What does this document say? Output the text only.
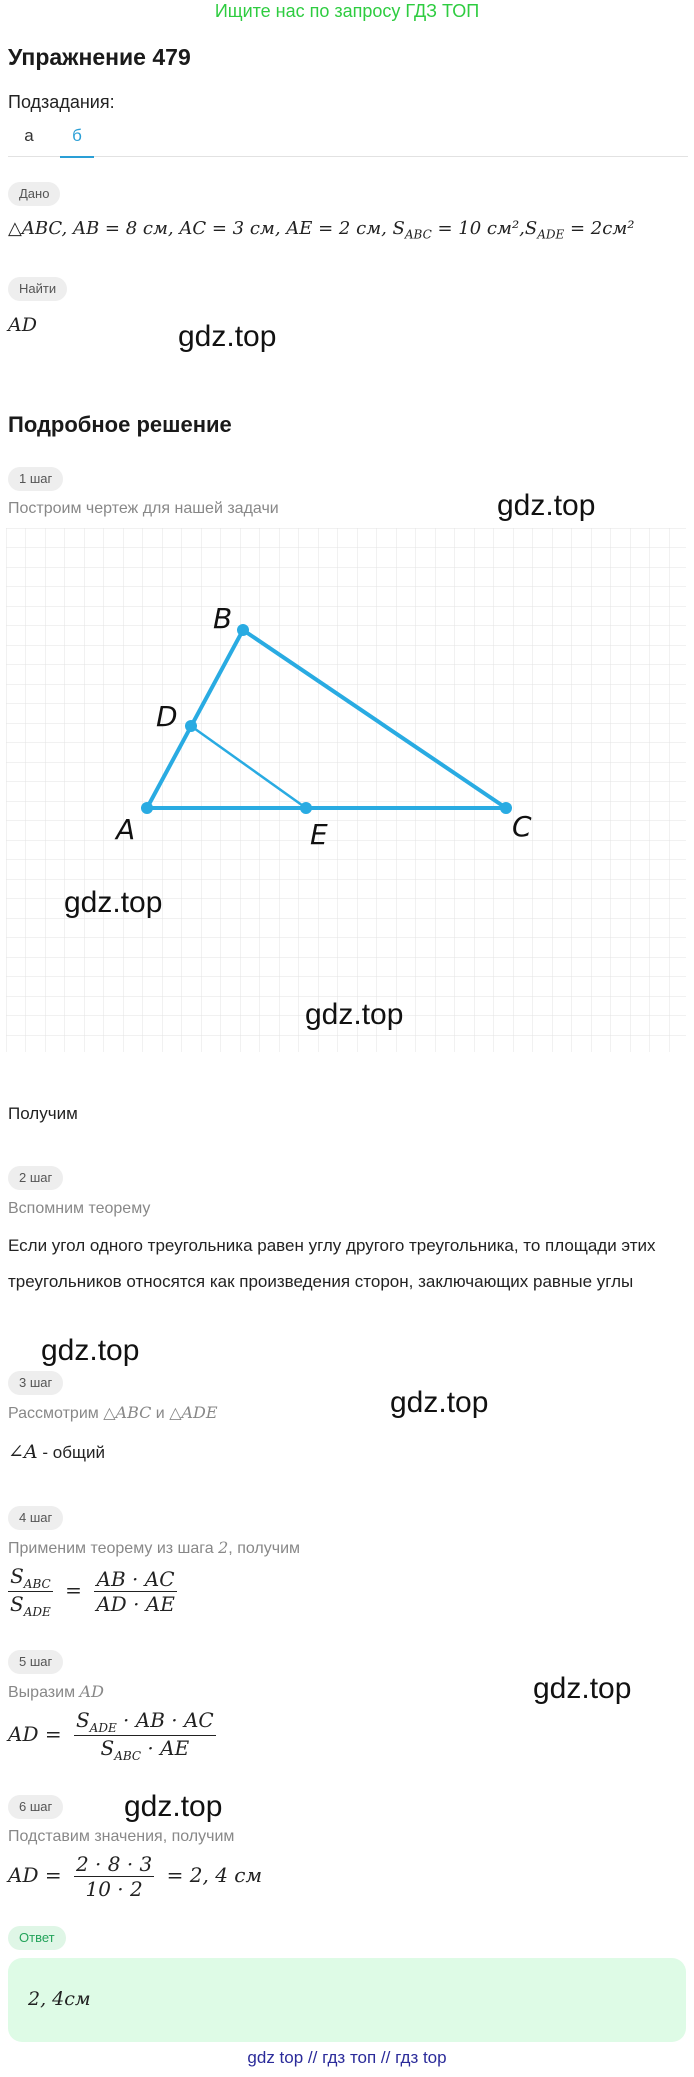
Ищите нас по запросу ГДЗ ТОП
Упражнение 479
Подзадания:
а	б
Дано
△ABC, AB = 8 см, AC = 3 см, AE = 2 см, $S_{ABC} = 10$ $см^2,S_{ADE} = 2см^2$
Найти
AD	gdz.top
Подробное решение
1 шаг
Построим чертеж для нашей задачи	gdz.top
A
B
C
D
E
gdz.top
gdz.top
Получим
2 шаг
Вспомним теорему
Если угол одного треугольника равен углу другого треугольника, то площади этих треугольников относятся как произведения сторон, заключающих равные углы
gdz.top
3 шаг
Рассмотрим △ABC и △ADE	gdz.top
∠A - общий
4 шаг
Применим теорему из шага 2, получим
$\frac{S_{ABC}}{S_{ADE}} = \frac{AB \cdot AC}{AD \cdot AE}$
5 шаг
Выразим AD	gdz.top
AD = $\frac{S_{ADE} \cdot AB \cdot AC}{S_{ABC} \cdot AE}$
6 шаг	gdz.top
Подставим значения, получим
AD = $\frac{2 \cdot 8 \cdot 3}{10 \cdot 2} = 2$, 4 см
Ответ
2, 4см
gdz top // гдз топ // гдз top
